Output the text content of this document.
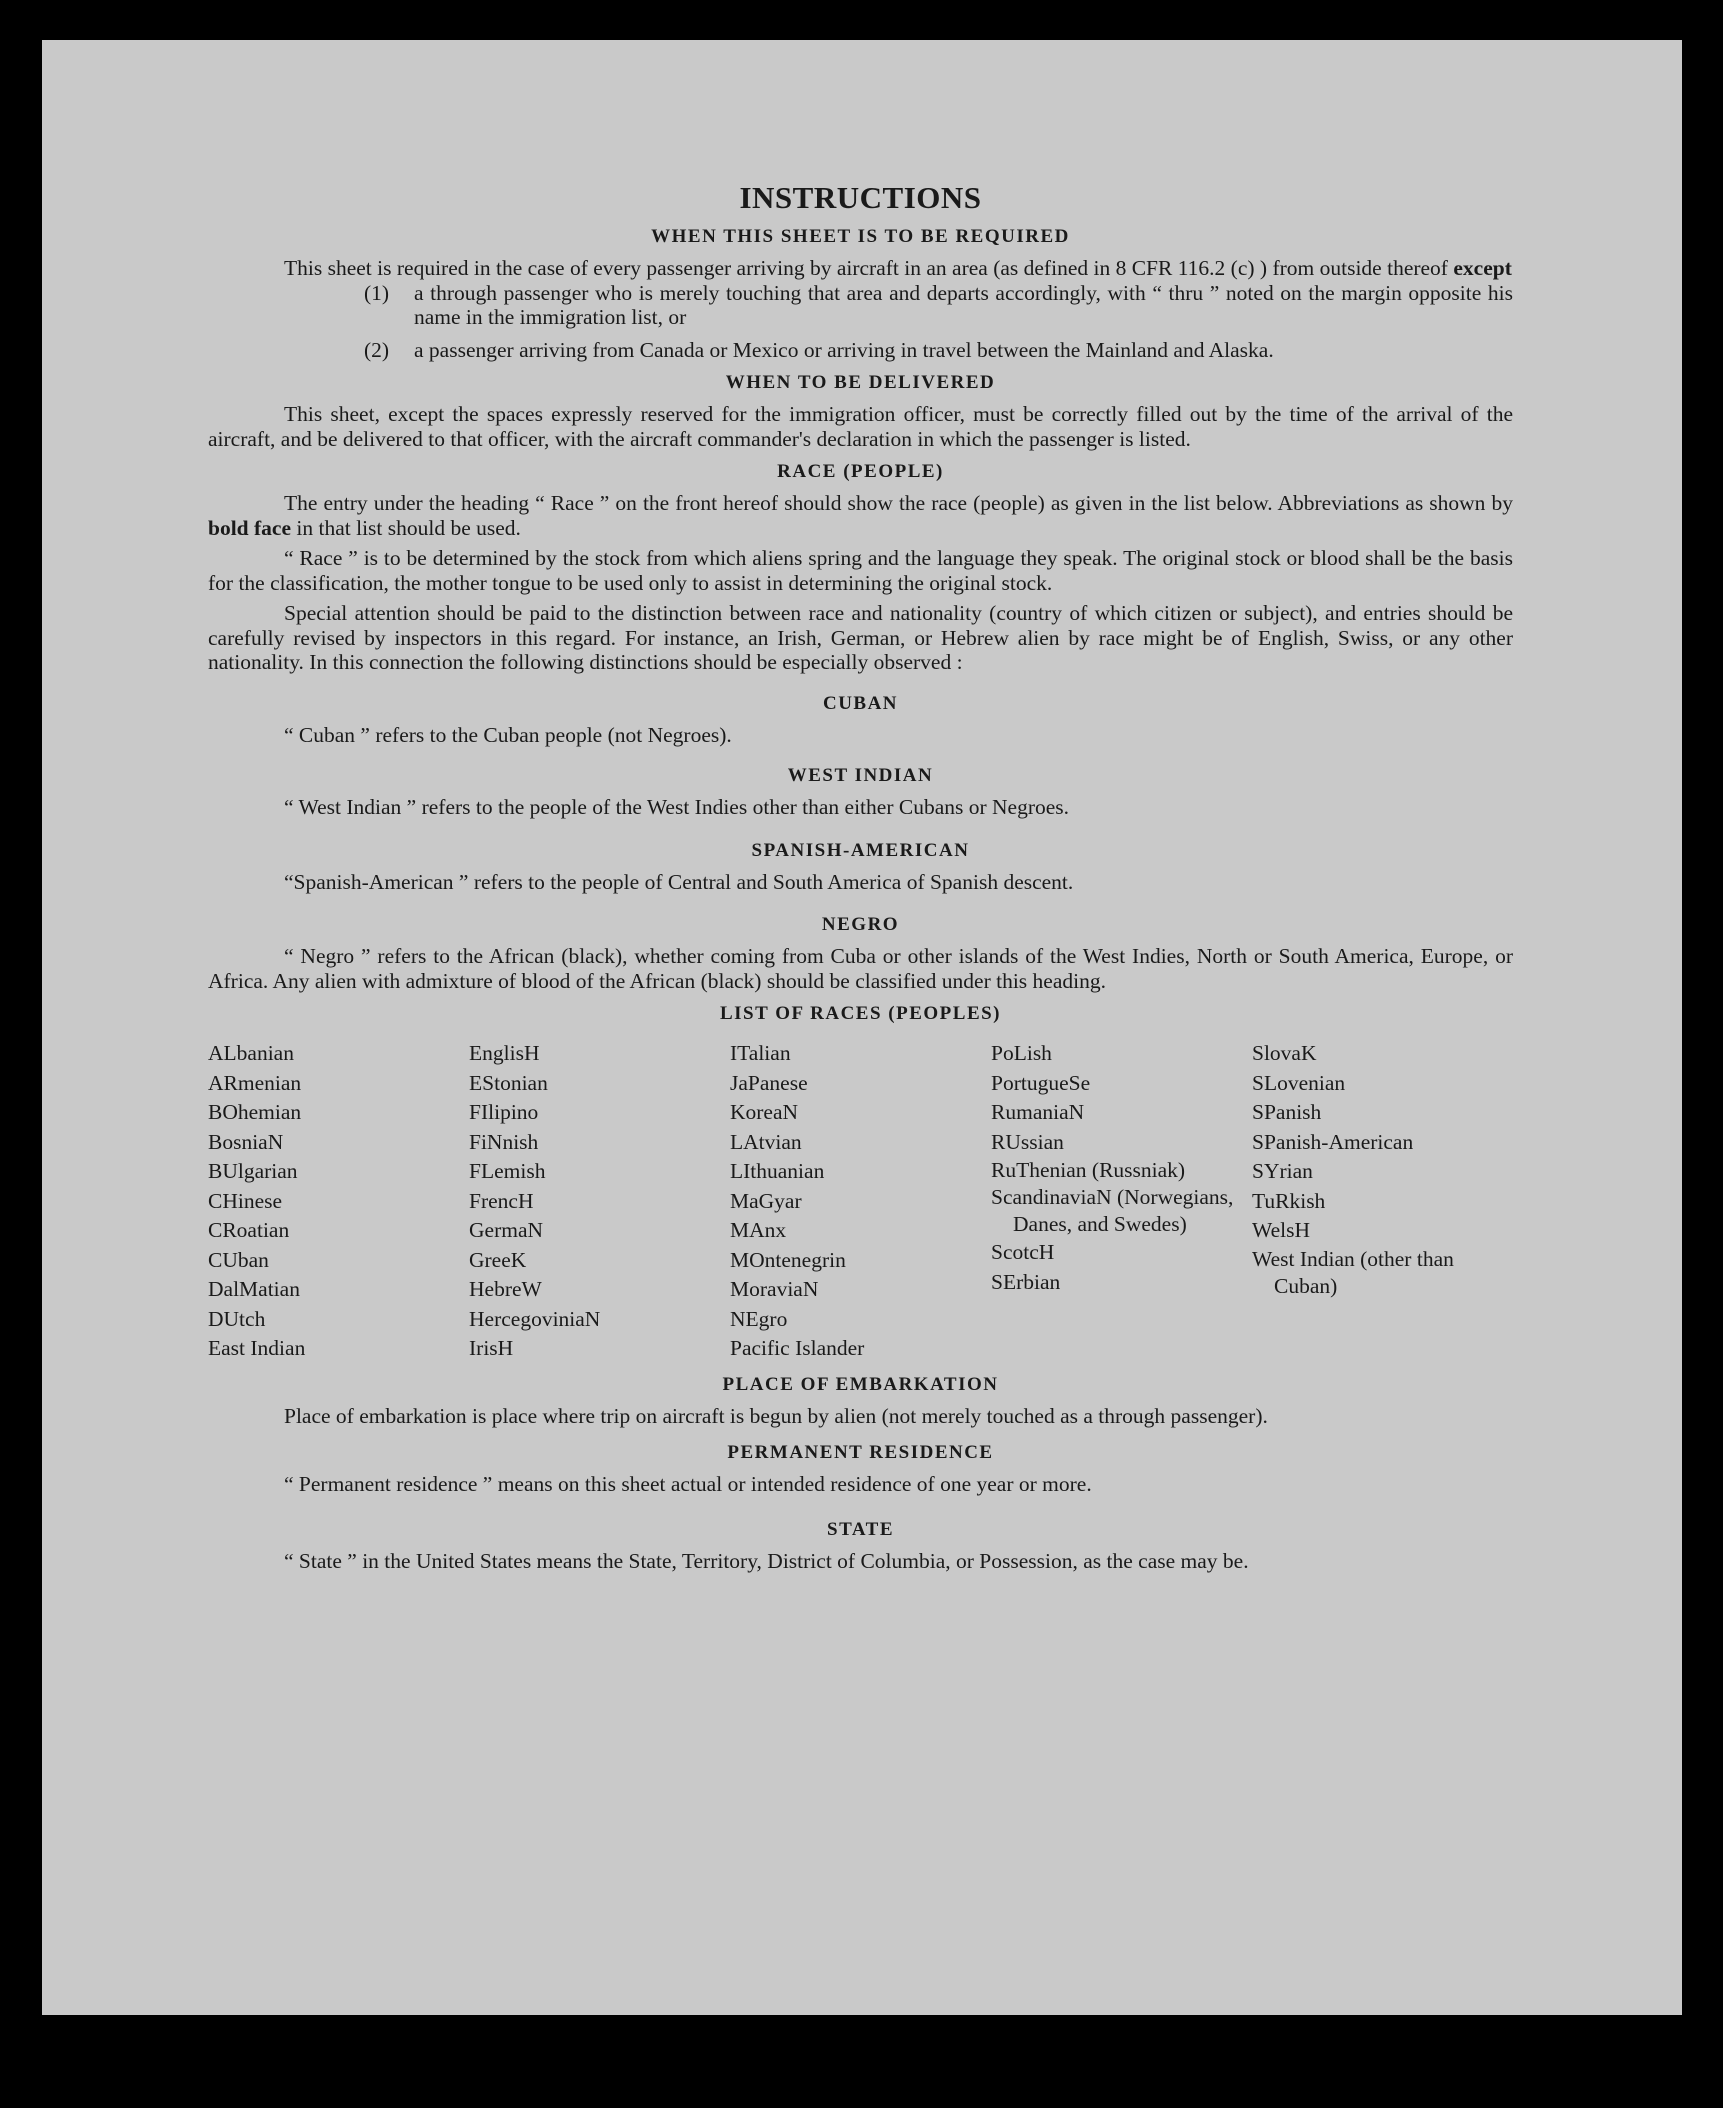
INSTRUCTIONS
WHEN THIS SHEET IS TO BE REQUIRED

This sheet is required in the case of every passenger arriving by aircraft in an area (as defined in 8 CFR 116.2 (c) ) from outside thereof except

(1)	a through passenger who is merely touching that area and departs accordingly, with “ thru ” noted on the margin opposite his name in the immigration list, or
(2)	a passenger arriving from Canada or Mexico or arriving in travel between the Mainland and Alaska.
WHEN TO BE DELIVERED

This sheet, except the spaces expressly reserved for the immigration officer, must be correctly filled out by the time of the arrival of the aircraft, and be delivered to that officer, with the aircraft commander's declaration in which the passenger is listed.

RACE (PEOPLE)

The entry under the heading “ Race ” on the front hereof should show the race (people) as given in the list below. Abbreviations as shown by bold face in that list should be used.

“ Race ” is to be determined by the stock from which aliens spring and the language they speak. The original stock or blood shall be the basis for the classification, the mother tongue to be used only to assist in determining the original stock.

Special attention should be paid to the distinction between race and nationality (country of which citizen or subject), and entries should be carefully revised by inspectors in this regard. For instance, an Irish, German, or Hebrew alien by race might be of English, Swiss, or any other nationality. In this connection the following distinctions should be especially observed :

CUBAN

“ Cuban ” refers to the Cuban people (not Negroes).

WEST INDIAN

“ West Indian ” refers to the people of the West Indies other than either Cubans or Negroes.

SPANISH-AMERICAN

“Spanish-American ” refers to the people of Central and South America of Spanish descent.

NEGRO

“ Negro ” refers to the African (black), whether coming from Cuba or other islands of the West Indies, North or South America, Europe, or Africa. Any alien with admixture of blood of the African (black) should be classified under this heading.

LIST OF RACES (PEOPLES)
ALbanian
ARmenian
BOhemian
BosniaN
BUlgarian
CHinese
CRoatian
CUban
DalMatian
DUtch
East Indian
EnglisH
EStonian
FIlipino
FiNnish
FLemish
FrencH
GermaN
GreeK
HebreW
HercegoviniaN
IrisH
ITalian
JaPanese
KoreaN
LAtvian
LIthuanian
MaGyar
MAnx
MOntenegrin
MoraviaN
NEgro
Pacific Islander
PoLish
PortugueSe
RumaniaN
RUssian
RuThenian (Russniak)
ScandinaviaN (Norwegians, Danes, and Swedes)
ScotcH
SErbian
SlovaK
SLovenian
SPanish
SPanish-American
SYrian
TuRkish
WelsH
West Indian (other than Cuban)
PLACE OF EMBARKATION

Place of embarkation is place where trip on aircraft is begun by alien (not merely touched as a through passenger).

PERMANENT RESIDENCE

“ Permanent residence ” means on this sheet actual or intended residence of one year or more.

STATE

“ State ” in the United States means the State, Territory, District of Columbia, or Possession, as the case may be.
